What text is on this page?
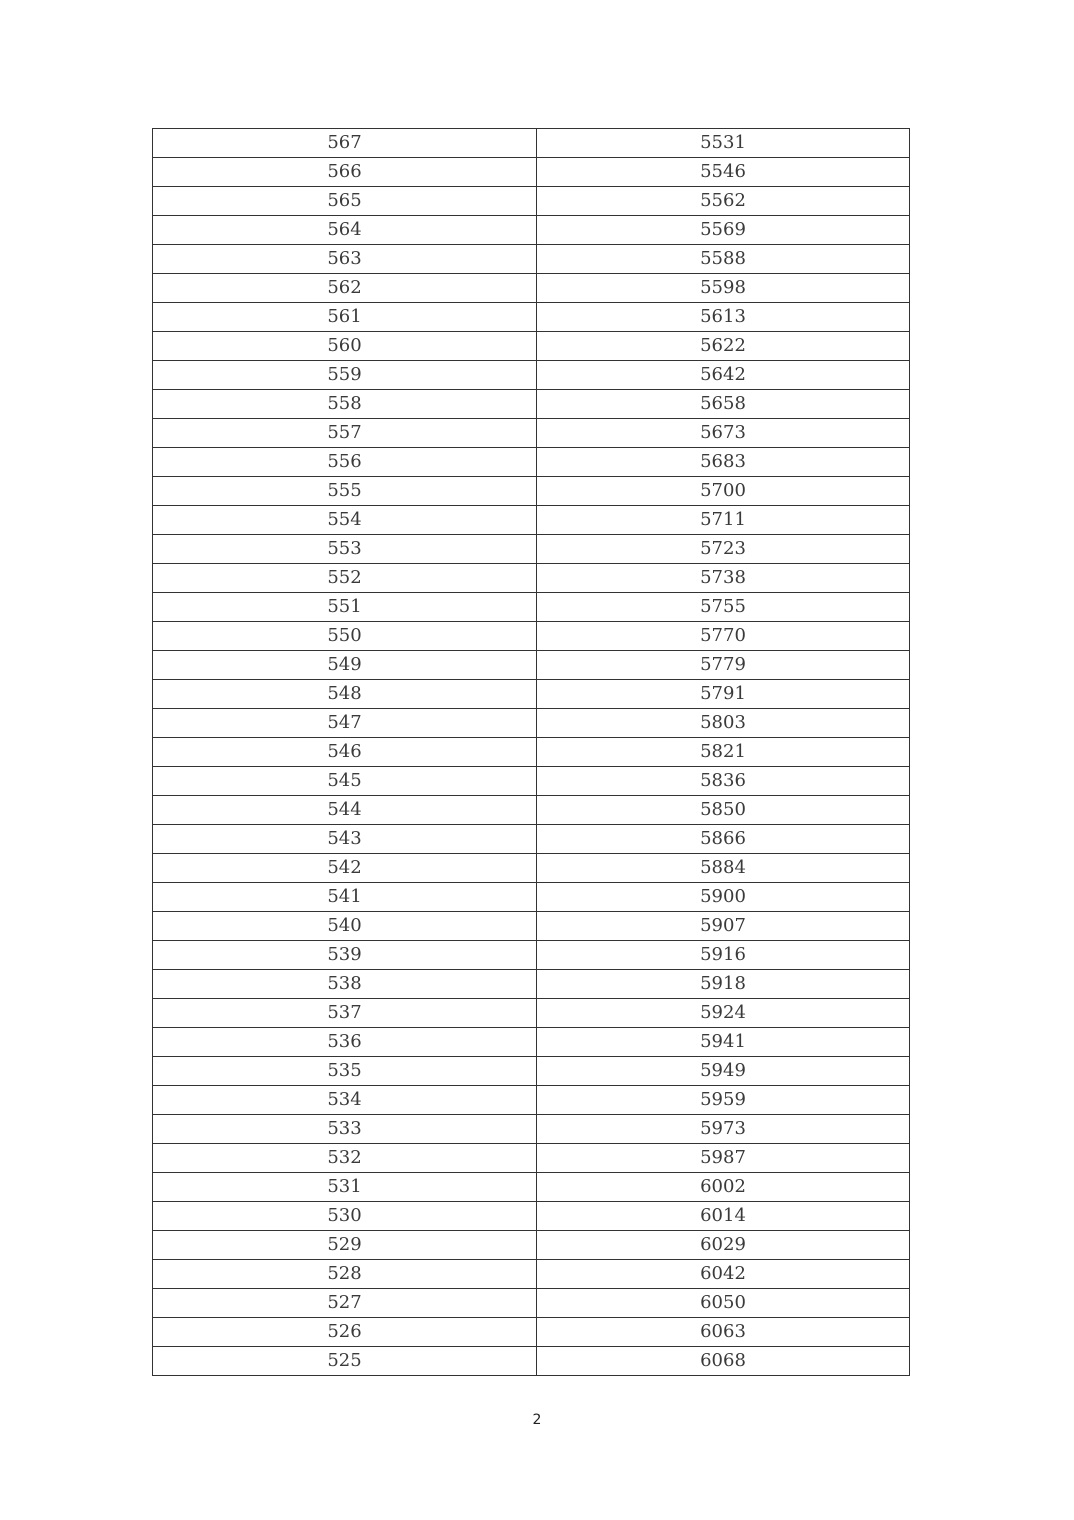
567	5531
566	5546
565	5562
564	5569
563	5588
562	5598
561	5613
560	5622
559	5642
558	5658
557	5673
556	5683
555	5700
554	5711
553	5723
552	5738
551	5755
550	5770
549	5779
548	5791
547	5803
546	5821
545	5836
544	5850
543	5866
542	5884
541	5900
540	5907
539	5916
538	5918
537	5924
536	5941
535	5949
534	5959
533	5973
532	5987
531	6002
530	6014
529	6029
528	6042
527	6050
526	6063
525	6068
2
